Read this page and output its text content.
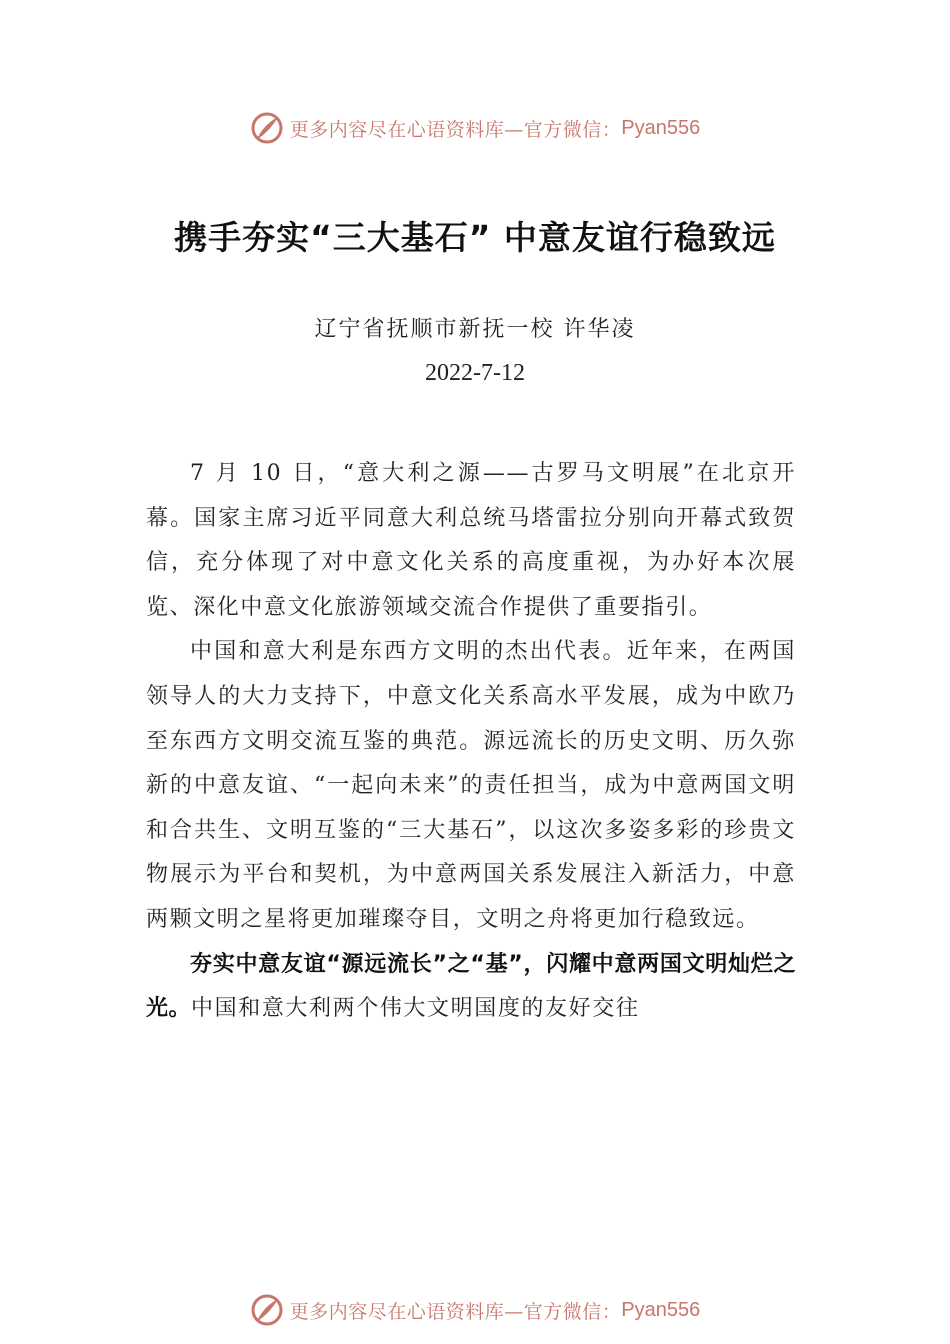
更多内容尽在心语资料库—官方微信： Pyan556
携手夯实“三大基石” 中意友谊行稳致远
辽宁省抚顺市新抚一校 许华凌
2022-7-12

7 月 10 日，“意大利之源——古罗马文明展”在北京开幕。国家主席习近平同意大利总统马塔雷拉分别向开幕式致贺信，充分体现了对中意文化关系的高度重视，为办好本次展览、深化中意文化旅游领域交流合作提供了重要指引。

中国和意大利是东西方文明的杰出代表。近年来，在两国领导人的大力支持下，中意文化关系高水平发展，成为中欧乃至东西方文明交流互鉴的典范。源远流长的历史文明、历久弥新的中意友谊、“一起向未来”的责任担当，成为中意两国文明和合共生、文明互鉴的“三大基石”，以这次多姿多彩的珍贵文物展示为平台和契机，为中意两国关系发展注入新活力，中意两颗文明之星将更加璀璨夺目，文明之舟将更加行稳致远。

夯实中意友谊“源远流长”之“基”，闪耀中意两国文明灿烂之光。中国和意大利两个伟大文明国度的友好交往

更多内容尽在心语资料库—官方微信： Pyan556
